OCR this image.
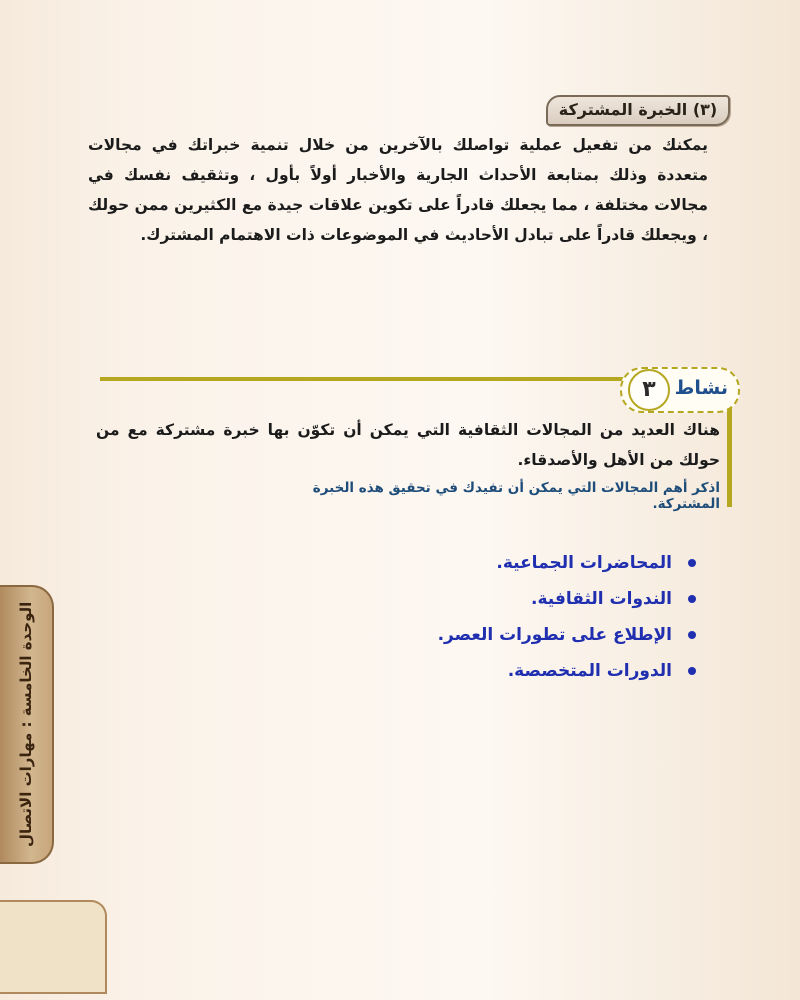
(٣) الخبرة المشتركة

يمكنك من تفعيل عملية تواصلك بالآخرين من خلال تنمية خبراتك في مجالات متعددة وذلك بمتابعة الأحداث الجارية والأخبار أولاً بأول ، وتثقيف نفسك في مجالات مختلفة ، مما يجعلك قادراً على تكوين علاقات جيدة مع الكثيرين ممن حولك ، ويجعلك قادراً على تبادل الأحاديث في الموضوعات ذات الاهتمام المشترك.

نشاط
٣

هناك العديد من المجالات الثقافية التي يمكن أن تكوّن بها خبرة مشتركة مع من حولك من الأهل والأصدقاء.

اذكر أهم المجالات التي يمكن أن تفيدك في تحقيق هذه الخبرة المشتركة.

المحاضرات الجماعية.
الندوات الثقافية.
الإطلاع على تطورات العصر.
الدورات المتخصصة.
الوحدة الخامسة : مهارات الاتصال
